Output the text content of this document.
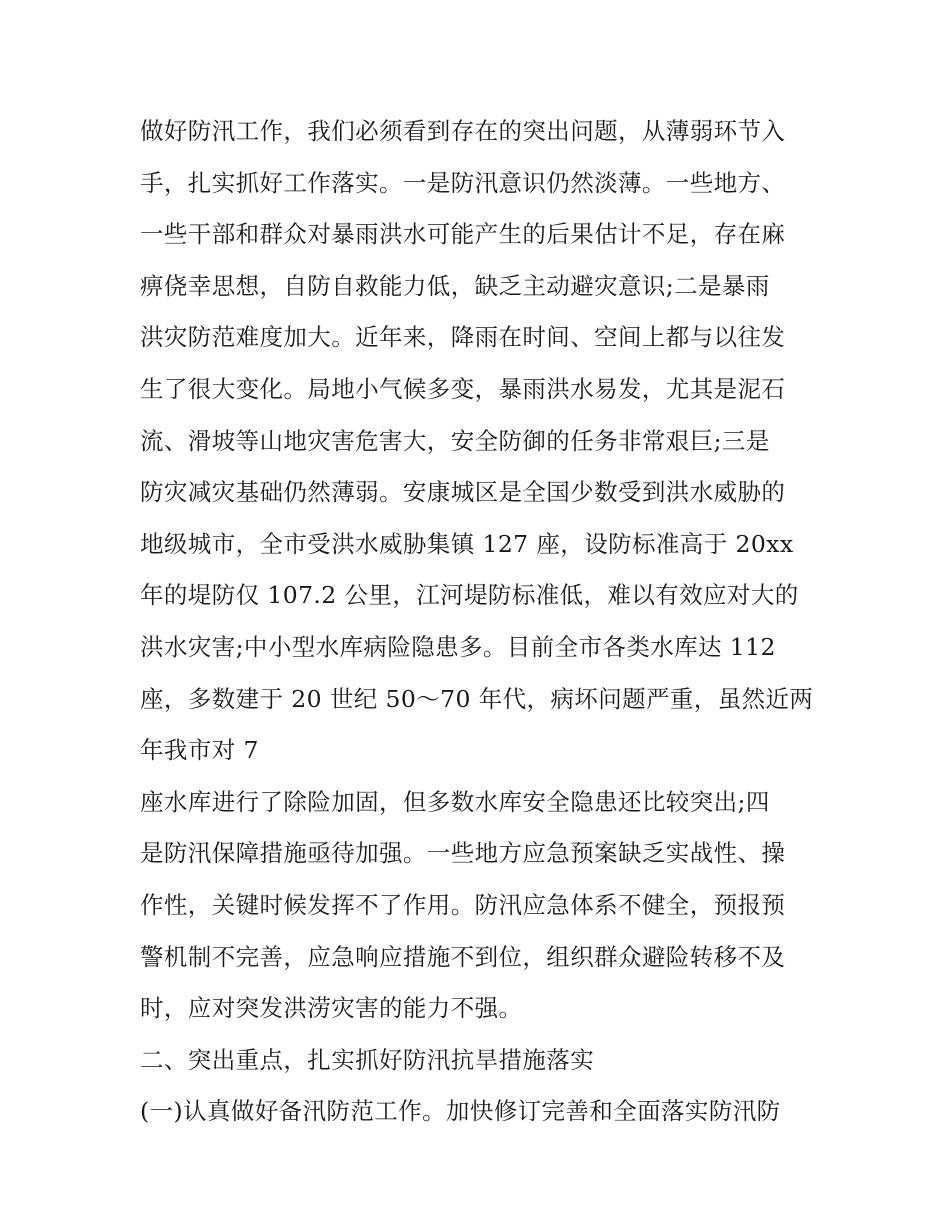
做好防汛工作，我们必须看到存在的突出问题，从薄弱环节入

手，扎实抓好工作落实。一是防汛意识仍然淡薄。一些地方、

一些干部和群众对暴雨洪水可能产生的后果估计不足，存在麻

痹侥幸思想，自防自救能力低，缺乏主动避灾意识;二是暴雨

洪灾防范难度加大。近年来，降雨在时间、空间上都与以往发

生了很大变化。局地小气候多变，暴雨洪水易发，尤其是泥石

流、滑坡等山地灾害危害大，安全防御的任务非常艰巨;三是

防灾减灾基础仍然薄弱。安康城区是全国少数受到洪水威胁的

地级城市，全市受洪水威胁集镇 127 座，设防标准高于 20xx

年的堤防仅 107.2 公里，江河堤防标准低，难以有效应对大的

洪水灾害;中小型水库病险隐患多。目前全市各类水库达 112

座，多数建于 20 世纪 50～70 年代，病坏问题严重，虽然近两

年我市对 7

座水库进行了除险加固，但多数水库安全隐患还比较突出;四

是防汛保障措施亟待加强。一些地方应急预案缺乏实战性、操

作性，关键时候发挥不了作用。防汛应急体系不健全，预报预

警机制不完善，应急响应措施不到位，组织群众避险转移不及

时，应对突发洪涝灾害的能力不强。

二、突出重点，扎实抓好防汛抗旱措施落实

(一)认真做好备汛防范工作。加快修订完善和全面落实防汛防
